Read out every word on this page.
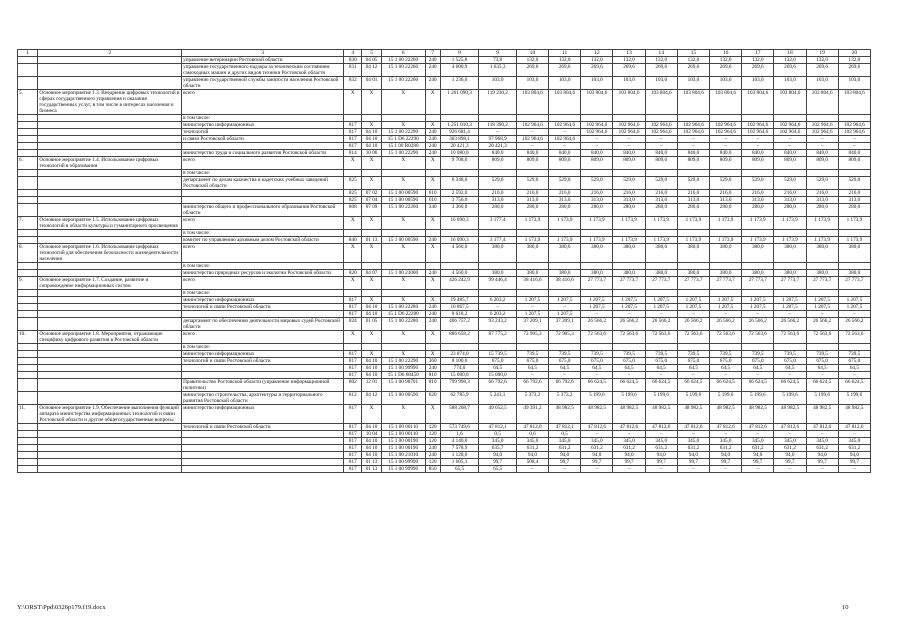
1	2	3	4	5	6	7	8	9	10	11	12	13	14	15	16	17	18	19	20
		управление ветеринарии Ростовской области	830	04 05	15 1 00 22260	240	1 525,8	73,8	132,0	132,0	132,0	132,0	132,0	132,0	132,0	132,0	132,0	132,0	132,0
		управление государственного надзора за техническим состоянием самоходных машин и других видов техники Ростовской области	831	04 12	15 1 00 22260	240	4 600,9	1 635,3	269,6	269,6	269,6	269,6	269,6	269,6	269,6	269,6	269,6	269,6	269,6
		управление государственной службы занятости населения Ростовской области	832	04 01	15 1 00 22260	240	1 236,0	103,0	103,0	103,0	103,0	103,0	103,0	103,0	103,0	103,0	103,0	103,0	103,0
5.	Основное мероприятие 1.3. Внедрение цифровых технологий в сферах государственного управления и оказания государственных услуг, в том числе в интересах населения и бизнеса	всего	X	X	X	X	1 261 090,3	119 230,2	103 804,6	103 804,6	103 804,6	103 804,6	103 804,6	103 804,6	103 804,6	103 804,6	103 804,6	103 804,6	103 804,6
		в том числе:																	
		министерство информационных	817	X	X	X	1 251 010,3	118 390,2	102 964,6	102 964,6	102 964,6	102 964,6	102 964,6	102 964,6	102 964,6	102 964,6	102 964,6	102 964,6	102 964,6
		технологий	817	04 10	15 1 00 22290	240	926 681,4	–	–	–	102 964,6	102 964,6	102 964,6	102 964,6	102 964,6	102 964,6	102 964,6	102 964,6	102 964,6
		и связи Ростовской области	817	04 10	15 1 D6 22290	240	303 898,1	97 968,9	102 964,6	102 964,6	–	–	–	–	–	–	–	–	–
			817	04 10	15 1 00 R0280	240	20 421,3	20 421,3	–	–	–	–	–	–	–	–	–	–	–
		министерство труда и социального развития Ростовской области	814	10 06	15 1 00 22290	240	10 080,0	840,0	840,0	840,0	840,0	840,0	840,0	840,0	840,0	840,0	840,0	840,0	840,0
6.	Основное мероприятие 1.4. Использование цифровых технологий в образовании	всего	X	X	X	X	9 708,0	809,0	809,0	809,0	809,0	809,0	809,0	809,0	809,0	809,0	809,0	809,0	809,0
		в том числе:																	
		департамент по делам казачества и кадетских учебных заведений Ростовской области	825	X	X	X	6 348,0	529,0	529,0	529,0	529,0	529,0	529,0	529,0	529,0	529,0	529,0	529,0	529,0
			825	07 02	15 1 00 00590	610	2 592,0	216,0	216,0	216,0	216,0	216,0	216,0	216,0	216,0	216,0	216,0	216,0	216,0
			825	07 04	15 1 00 00590	610	3 756,0	313,0	313,0	313,0	313,0	313,0	313,0	313,0	313,0	313,0	313,0	313,0	313,0
		министерство общего и профессионального образования Ростовской области	808	07 09	15 1 00 22260	240	3 360,0	280,0	280,0	280,0	280,0	280,0	280,0	280,0	280,0	280,0	280,0	280,0	280,0
7.	Основное мероприятие 1.5. Использование цифровых технологий в области культуры и гуманитарного просвещения	всего	X	X	X	X	16 090,3	3 177,4	1 173,9	1 173,9	1 173,9	1 173,9	1 173,9	1 173,9	1 173,9	1 173,9	1 173,9	1 173,9	1 173,9
		в том числе:																	
		комитет по управлению архивным делом Ростовской области	840	01 13	15 1 00 00590	240	16 090,3	3 177,4	1 173,9	1 173,9	1 173,9	1 173,9	1 173,9	1 173,9	1 173,9	1 173,9	1 173,9	1 173,9	1 173,9
8.	Основное мероприятие 1.6. Использование цифровых технологий для обеспечения безопасности жизнедеятельности населения	всего	X	X	X	X	4 560,0	380,0	380,0	380,0	380,0	380,0	380,0	380,0	380,0	380,0	380,0	380,0	380,0
		в том числе:																	
		министерство природных ресурсов и экологии Ростовской области	820	04 07	15 1 00 23000	240	4 560,0	380,0	380,0	380,0	380,0	380,0	380,0	380,0	380,0	380,0	380,0	380,0	380,0
9.	Основное мероприятие 1.7. Создание, развитие и сопровождение информационных систем	всего	X	X	X	X	426 242,9	99 446,4	38 416,6	38 416,6	27 773,7	27 773,7	27 773,7	27 773,7	27 773,7	27 773,7	27 773,7	27 773,7	27 773,7
		в том числе:																	
		министерство информационных	817	X	X	X	19 485,7	6 203,2	1 207,5	1 207,5	1 207,5	1 207,5	1 207,5	1 207,5	1 207,5	1 207,5	1 207,5	1 207,5	1 207,5
		технологий и связи Ростовской области	817	04 10	15 1 00 22280	240	10 867,5	–	–	–	1 207,5	1 207,5	1 207,5	1 207,5	1 207,5	1 207,5	1 207,5	1 207,5	1 207,5
			817	04 10	15 1 D6 22280	240	8 618,2	6 203,2	1 207,5	1 207,5	–	–	–	–	–	–	–	–	–
		департамент по обеспечению деятельности мировых судей Ростовской области	824	01 05	15 1 00 22280	240	406 757,2	93 243,2	37 209,1	37 209,1	26 566,2	26 566,2	26 566,2	26 566,2	26 566,2	26 566,2	26 566,2	26 566,2	26 566,2
10.	Основное мероприятие 1.8. Мероприятия, отражающие специфику цифрового развития в Ростовской области	всего	X	X	X	X	886 658,2	87 775,2	72 905,3	72 905,3	72 563,6	72 563,6	72 563,6	72 563,6	72 563,6	72 563,6	72 563,6	72 563,6	72 563,6
		в том числе:																	
		министерство информационных	817	X	X	X	23 874,0	15 739,5	739,5	739,5	739,5	739,5	739,5	739,5	739,5	739,5	739,5	739,5	739,5
		технологий и связи Ростовской области	817	04 10	15 1 00 22290	360	8 100,0	675,0	675,0	675,0	675,0	675,0	675,0	675,0	675,0	675,0	675,0	675,0	675,0
			817	04 10	15 1 00 99990	240	774,0	64,5	64,5	64,5	64,5	64,5	64,5	64,5	64,5	64,5	64,5	64,5	64,5
			817	04 10	15 1 D6 68450	810	15 000,0	15 000,0	–	–	–	–	–	–	–	–	–	–	–
		Правительство Ростовской области (управление информационной политики)	802	12 01	15 1 00 98701	810	799 998,3	66 792,6	66 792,6	66 792,6	66 624,5	66 624,5	66 624,5	66 624,5	66 624,5	66 624,5	66 624,5	66 624,5	66 624,5
		министерство строительства, архитектуры и территориального развития Ростовской области	812	04 12	15 1 00 00590	620	62 785,9	5 243,1	5 373,2	5 373,2	5 199,6	5 199,6	5 199,6	5 199,6	5 199,6	5 199,6	5 199,6	5 199,6	5 199,6
11.	Основное мероприятие 1.9. Обеспечение выполнения функций аппарата министерства информационных технологий и связи Ростовской области и другие общегосударственные вопросы	министерство информационных	817	X	X	X	588 268,7	49 052,5	49 391,2	48 982,5	48 982,5	48 982,5	48 982,5	48 982,5	48 982,5	48 982,5	48 982,5	48 982,5	48 982,5
		технологий и связи Ростовской области	817	04 10	15 1 00 00110	120	573 749,6	47 812,1	47 812,0	47 812,1	47 812,6	47 812,6	47 812,6	47 812,6	47 812,6	47 812,6	47 812,6	47 812,6	47 812,6
			817	10 04	15 1 00 00110	120	1,6	0,5	0,6	0,5	–	–	–	–	–	–	–	–	–
			817	04 10	15 1 00 00190	120	4 140,0	345,0	345,0	345,0	345,0	345,0	345,0	345,0	345,0	345,0	345,0	345,0	345,0
			817	04 10	15 1 00 00190	240	7 578,9	635,7	631,2	631,2	631,2	631,2	631,2	631,2	631,2	631,2	631,2	631,2	631,2
			817	04 10	15 1 00 21010	240	1 128,0	94,0	94,0	94,0	94,0	94,0	94,0	94,0	94,0	94,0	94,0	94,0	94,0
			817	01 13	15 1 00 99990	120	1 605,1	99,7	508,4	99,7	99,7	99,7	99,7	99,7	99,7	99,7	99,7	99,7	99,7
			817	01 13	15 1 00 99990	850	65,5	65,5	–	–	–	–	–	–	–	–	–	–	–
Y:\ORST\Ppd\0326p179.f19.docx	10
